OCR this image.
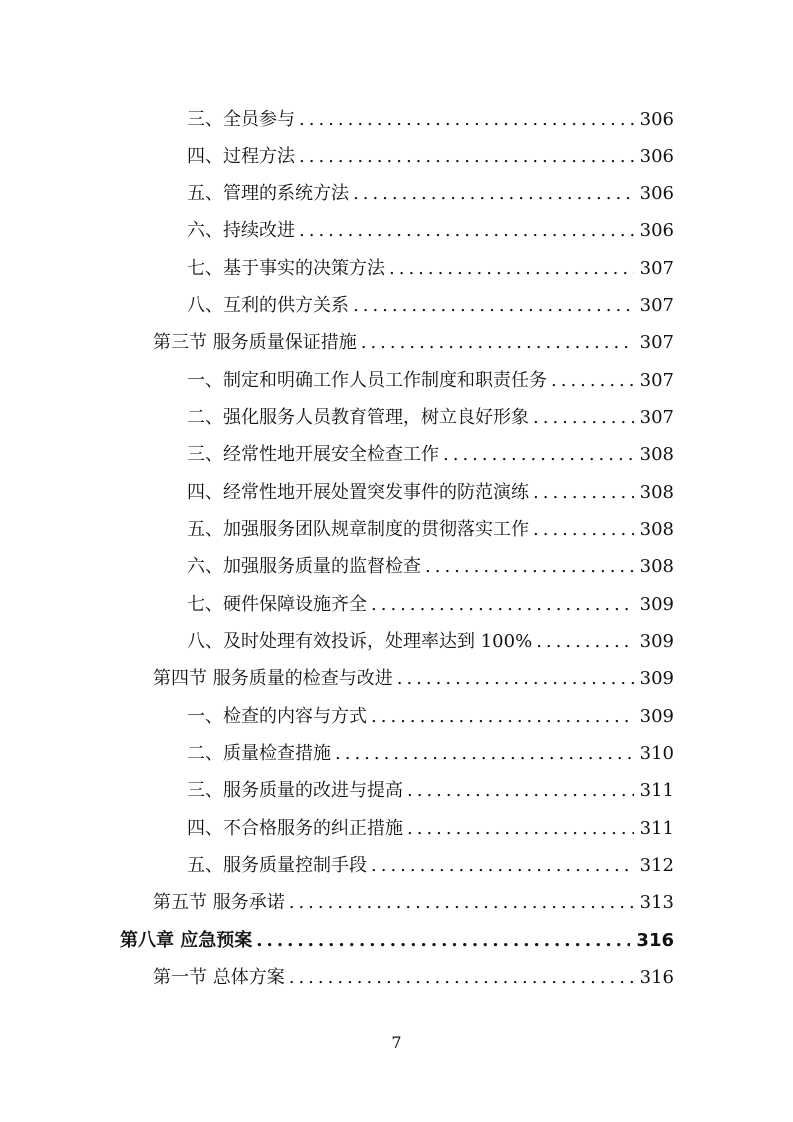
三、全员参与 .....	306
四、过程方法 .....	306
五、管理的系统方法 .....	306
六、持续改进 .....	306
七、基于事实的决策方法 .....	307
八、互利的供方关系 .....	307
第三节 服务质量保证措施 .....	307
一、制定和明确工作人员工作制度和职责任务 .....	307
二、强化服务人员教育管理，树立良好形象 .....	307
三、经常性地开展安全检查工作 .....	308
四、经常性地开展处置突发事件的防范演练 .....	308
五、加强服务团队规章制度的贯彻落实工作 .....	308
六、加强服务质量的监督检查 .....	308
七、硬件保障设施齐全 .....	309
八、及时处理有效投诉，处理率达到 100% .....	309
第四节 服务质量的检查与改进 .....	309
一、检查的内容与方式 .....	309
二、质量检查措施 .....	310
三、服务质量的改进与提高 .....	311
四、不合格服务的纠正措施 .....	311
五、服务质量控制手段 .....	312
第五节 服务承诺 .....	313
第八章 应急预案 .....	316
第一节 总体方案 .....	316
7
